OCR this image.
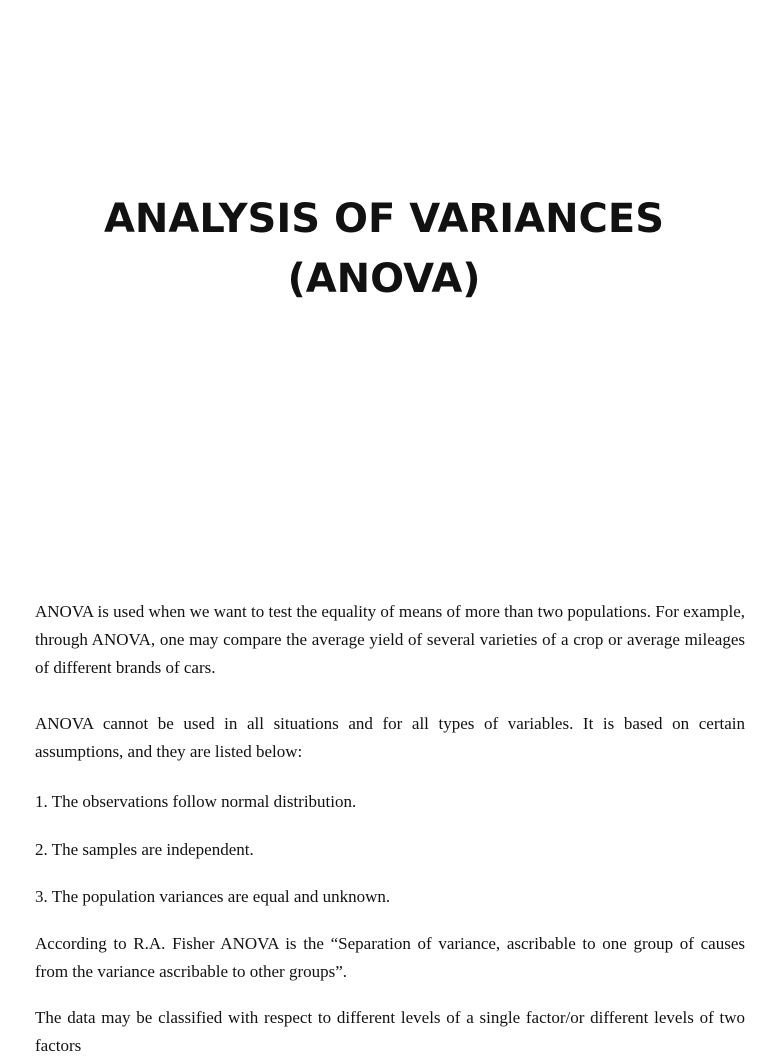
ANALYSIS OF VARIANCES
(ANOVA)

ANOVA is used when we want to test the equality of means of more than two populations. For example, through ANOVA, one may compare the average yield of several varieties of a crop or average mileages of different brands of cars.

ANOVA cannot be used in all situations and for all types of variables. It is based on certain assumptions, and they are listed below:

1. The observations follow normal distribution.

2. The samples are independent.

3. The population variances are equal and unknown.

According to R.A. Fisher ANOVA is the “Separation of variance, ascribable to one group of causes from the variance ascribable to other groups”.

The data may be classified with respect to different levels of a single factor/or different levels of two factors
